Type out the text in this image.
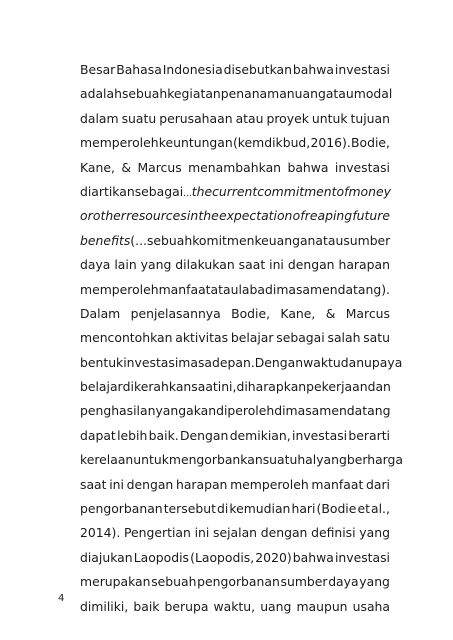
Besar Bahasa Indonesia disebutkan bahwa investasi
adalah sebuah kegiatan penanaman uang atau modal
dalam suatu perusahaan atau proyek untuk tujuan
memperoleh keuntungan (kemdikbud, 2016). Bodie,
Kane, & Marcus menambahkan bahwa investasi
diartikan sebagai ... the current commitment of money
or other resources in the expectation of reaping future
benefits (... sebuah komitmen keuangan atau sumber
daya lain yang dilakukan saat ini dengan harapan
memperoleh manfaat atau laba di masa mendatang).
Dalam penjelasannya Bodie, Kane, & Marcus
mencontohkan aktivitas belajar sebagai salah satu
bentuk investasi masa depan. Dengan waktu dan upaya
belajar dikerahkan saat ini, diharapkan pekerjaan dan
penghasilan yang akan diperoleh di masa mendatang
dapat lebih baik. Dengan demikian, investasi berarti
kerelaan untuk mengorbankan suatu hal yang berharga
saat ini dengan harapan memperoleh manfaat dari
pengorbanan tersebut di kemudian hari (Bodie et al.,
2014). Pengertian ini sejalan dengan definisi yang
diajukan Laopodis (Laopodis, 2020) bahwa investasi
merupakan sebuah pengorbanan sumber daya yang
dimiliki, baik berupa waktu, uang maupun usaha
4
